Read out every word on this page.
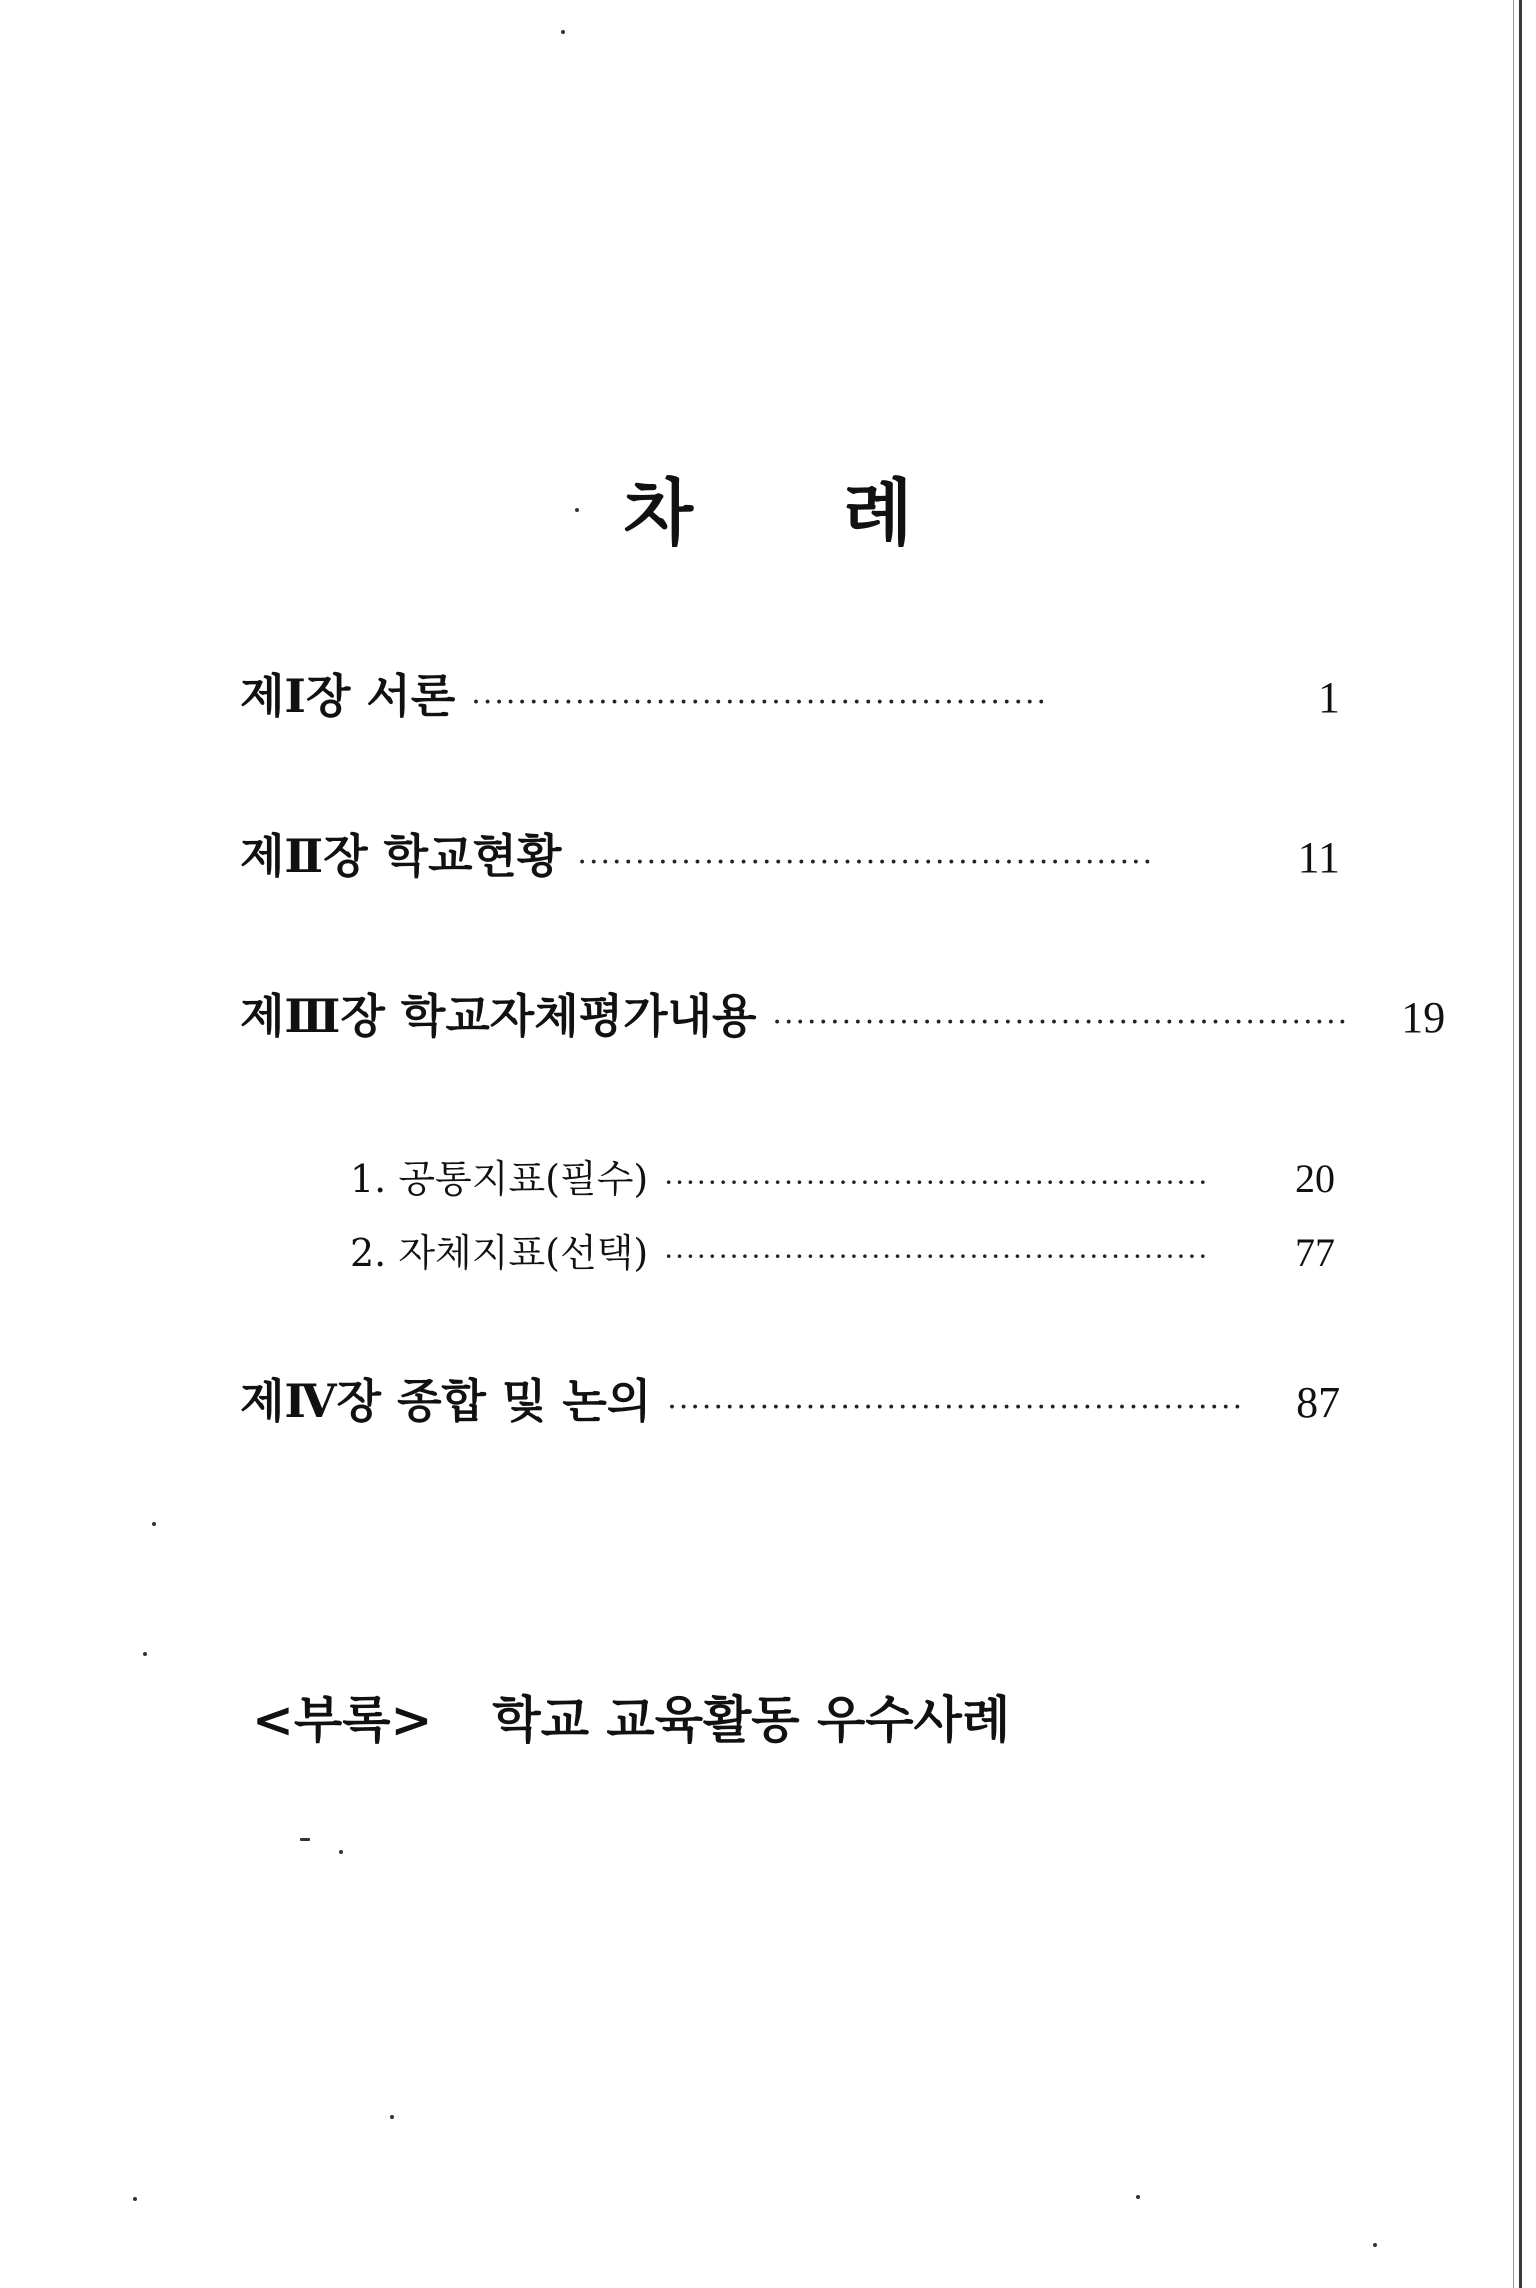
차 례
제Ⅰ장 서론 ··················································	1
제Ⅱ장 학교현황 ··················································	11
제Ⅲ장 학교자체평가내용 ··················································	19
1. 공통지표(필수) ··················································	20
2. 자체지표(선택) ··················································	77
제Ⅳ장 종합 및 논의 ··················································	87
<부록> 학교 교육활동 우수사례
